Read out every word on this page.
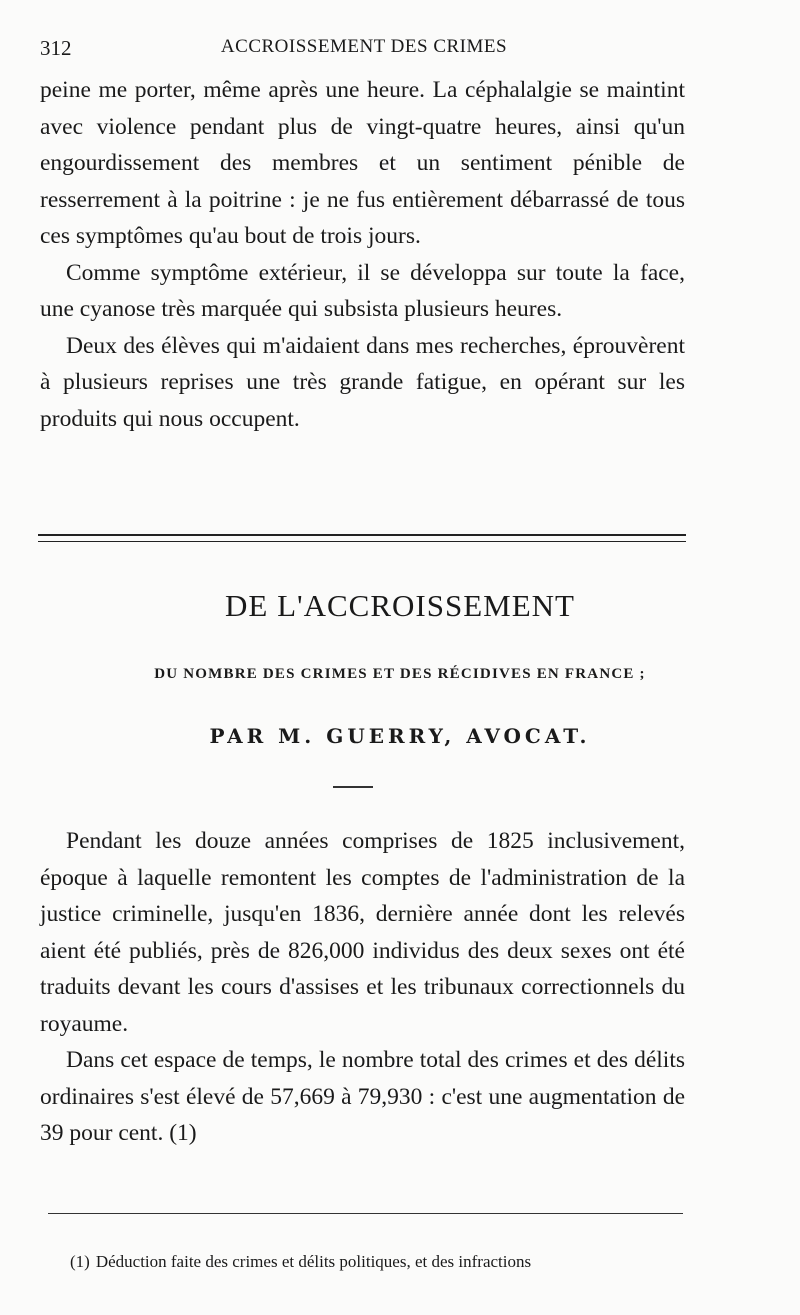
312	ACCROISSEMENT DES CRIMES

peine me porter, même après une heure. La céphalalgie se maintint avec violence pendant plus de vingt-quatre heures, ainsi qu'un engourdissement des membres et un sentiment pénible de resserrement à la poitrine : je ne fus entièrement débarrassé de tous ces symptômes qu'au bout de trois jours.

Comme symptôme extérieur, il se développa sur toute la face, une cyanose très marquée qui subsista plusieurs heures.

Deux des élèves qui m'aidaient dans mes recherches, éprouvèrent à plusieurs reprises une très grande fatigue, en opérant sur les produits qui nous occupent.

DE L'ACCROISSEMENT
DU NOMBRE DES CRIMES ET DES RÉCIDIVES EN FRANCE ;
PAR M. GUERRY, AVOCAT.

Pendant les douze années comprises de 1825 inclusivement, époque à laquelle remontent les comptes de l'administration de la justice criminelle, jusqu'en 1836, dernière année dont les relevés aient été publiés, près de 826,000 individus des deux sexes ont été traduits devant les cours d'assises et les tribunaux correctionnels du royaume.

Dans cet espace de temps, le nombre total des crimes et des délits ordinaires s'est élevé de 57,669 à 79,930 : c'est une augmentation de 39 pour cent. (1)

(1) Déduction faite des crimes et délits politiques, et des infractions
